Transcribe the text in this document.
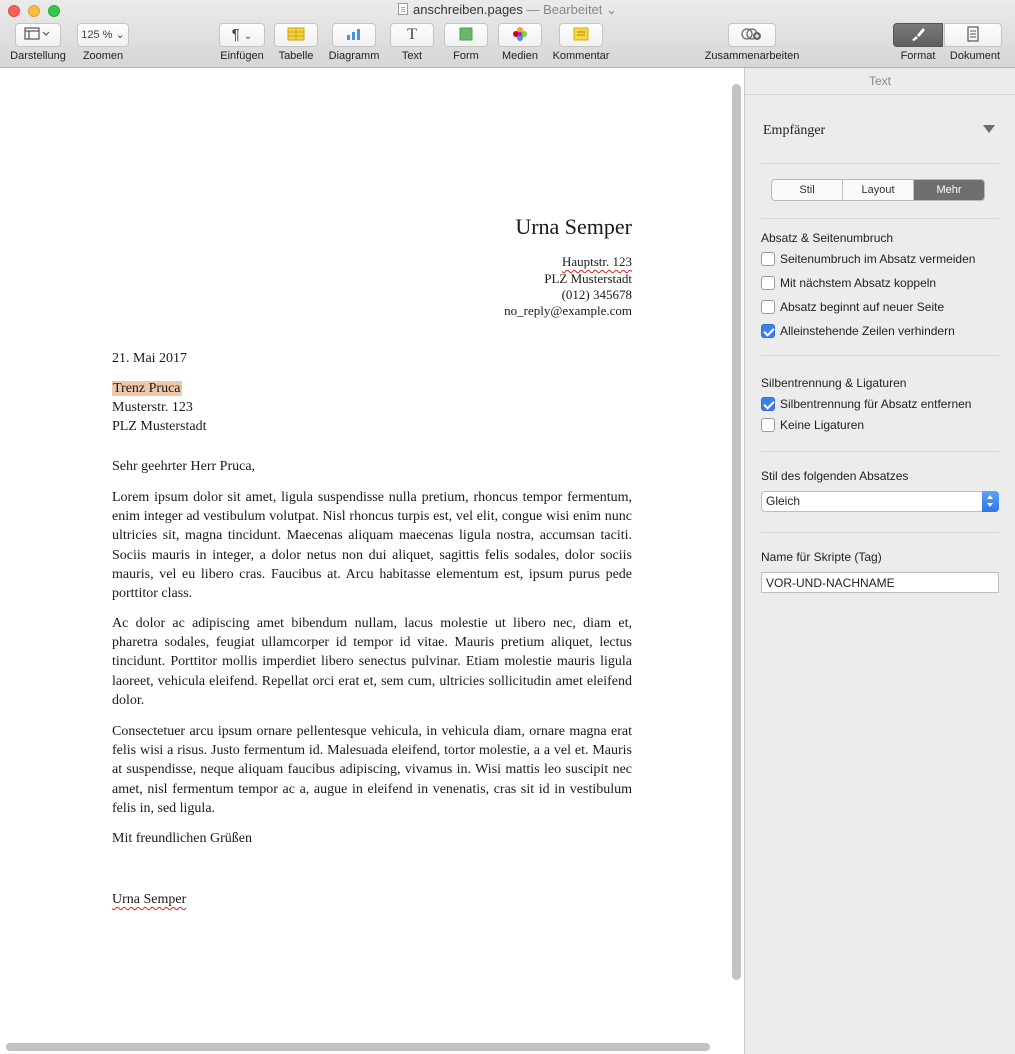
anschreiben.pages — Bearbeitet ⌄
Darstellung
125 % ⌄
Zoomen
¶ ⌄
Einfügen	Tabelle	Diagramm
T
Text	Form	Medien	Kommentar	Zusammenarbeiten	Format	Dokument
Urna Semper
Hauptstr. 123
PLZ Musterstadt
(012) 345678
no_reply@example.com
21. Mai 2017
Trenz Pruca
Musterstr. 123
PLZ Musterstadt
Sehr geehrter Herr Pruca,
Lorem ipsum dolor sit amet, ligula suspendisse nulla pretium, rhoncus tempor fermentum, enim integer ad vestibulum volutpat. Nisl rhoncus turpis est, vel elit, congue wisi enim nunc ultricies sit, magna tincidunt. Maecenas aliquam maecenas ligula nostra, accumsan taciti. Sociis mauris in integer, a dolor netus non dui aliquet, sagittis felis sodales, dolor sociis mauris, vel eu libero cras. Faucibus at. Arcu habitasse elementum est, ipsum purus pede porttitor class.
Ac dolor ac adipiscing amet bibendum nullam, lacus molestie ut libero nec, diam et, pharetra sodales, feugiat ullamcorper id tempor id vitae. Mauris pretium aliquet, lectus tincidunt. Porttitor mollis imperdiet libero senectus pulvinar. Etiam molestie mauris ligula laoreet, vehicula eleifend. Repellat orci erat et, sem cum, ultricies sollicitudin amet eleifend dolor.
Consectetuer arcu ipsum ornare pellentesque vehicula, in vehicula diam, ornare magna erat felis wisi a risus. Justo fermentum id. Malesuada eleifend, tortor molestie, a a vel et. Mauris at suspendisse, neque aliquam faucibus adipiscing, vivamus in. Wisi mattis leo suscipit nec amet, nisl fermentum tempor ac a, augue in eleifend in venenatis, cras sit id in vestibulum felis in, sed ligula.
Mit freundlichen Grüßen
Urna Semper
Text
Empfänger
Stil	Layout	Mehr
Absatz & Seitenumbruch
Seitenumbruch im Absatz vermeiden
Mit nächstem Absatz koppeln
Absatz beginnt auf neuer Seite
Alleinstehende Zeilen verhindern
Silbentrennung & Ligaturen
Silbentrennung für Absatz entfernen
Keine Ligaturen
Stil des folgenden Absatzes
Gleich
Name für Skripte (Tag)
VOR-UND-NACHNAME
